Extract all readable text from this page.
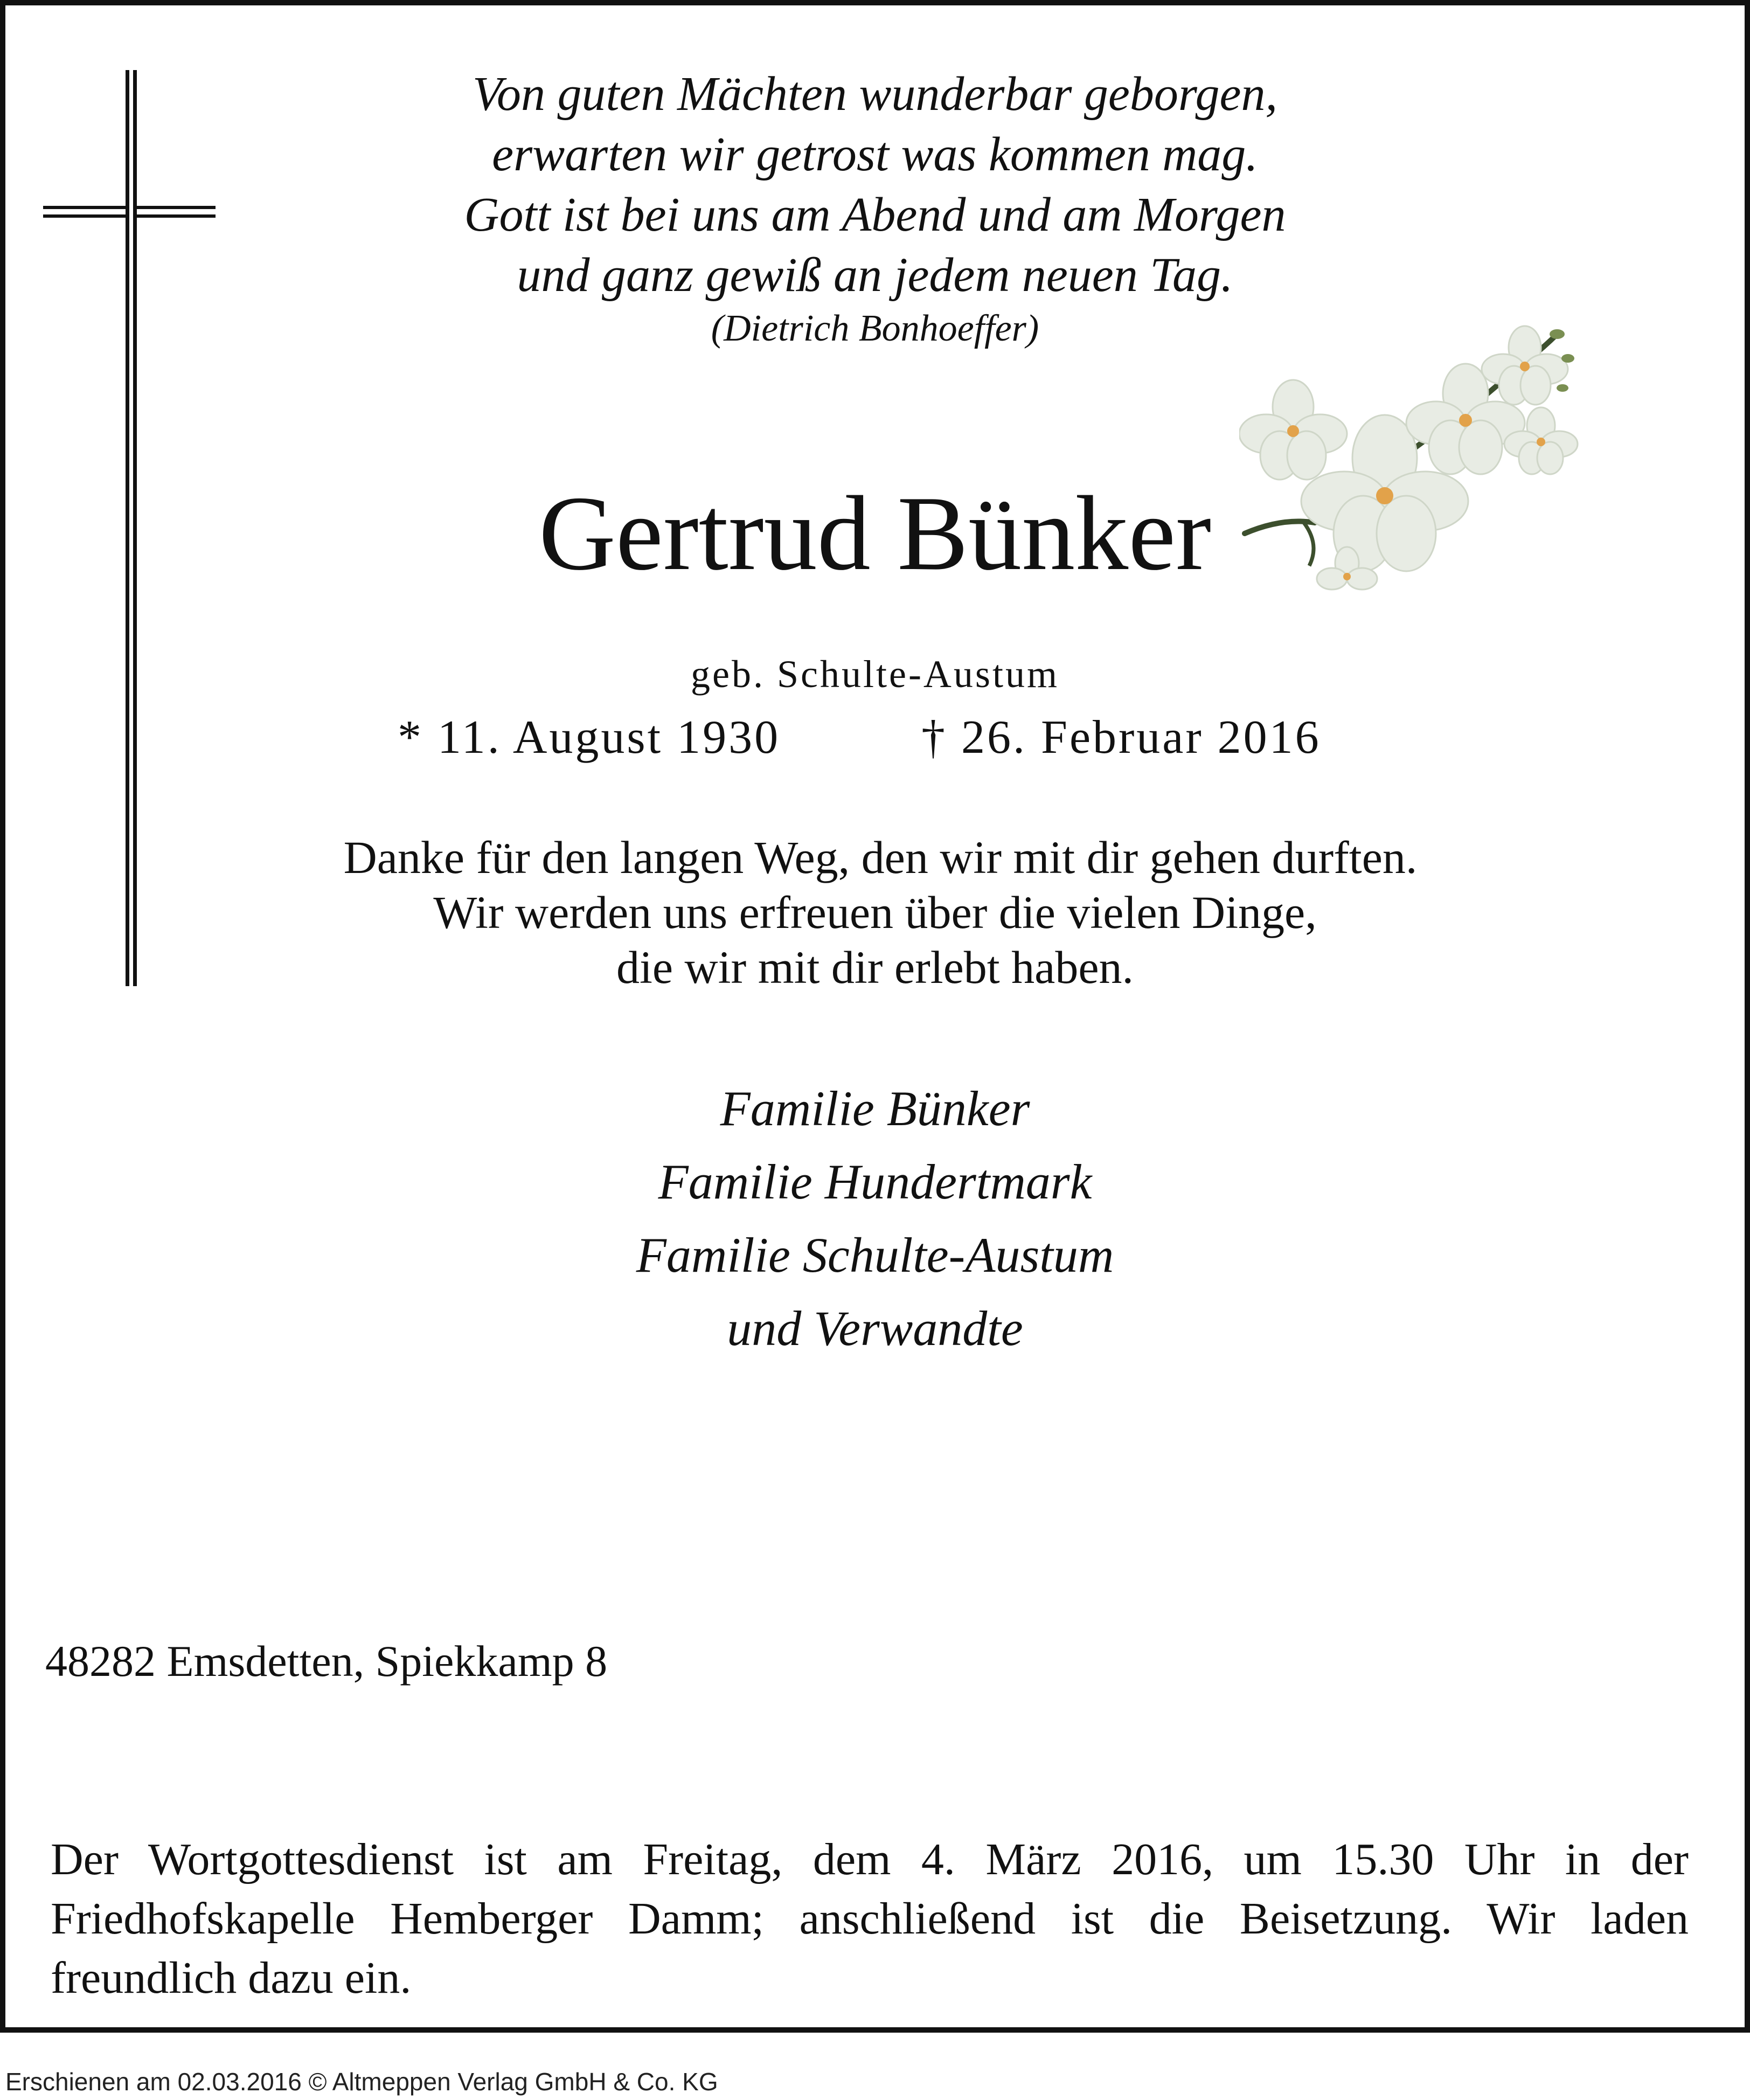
Von guten Mächten wunderbar geborgen,
erwarten wir getrost was kommen mag.
Gott ist bei uns am Abend und am Morgen
und ganz gewiß an jedem neuen Tag.
(Dietrich Bonhoeffer)
Gertrud Bünker
geb. Schulte-Austum
* 11. August 1930	† 26. Februar 2016
Danke für den langen Weg, den wir mit dir gehen durften.
Wir werden uns erfreuen über die vielen Dinge,
die wir mit dir erlebt haben.
Familie Bünker
Familie Hundertmark
Familie Schulte-Austum
und Verwandte
48282 Emsdetten, Spiekkamp 8
Der Wortgottesdienst ist am Freitag, dem 4. März 2016, um 15.30 Uhr in der Friedhofskapelle Hemberger Damm; anschließend ist die Beisetzung. Wir laden freundlich dazu ein.
Erschienen am 02.03.2016 © Altmeppen Verlag GmbH & Co. KG
